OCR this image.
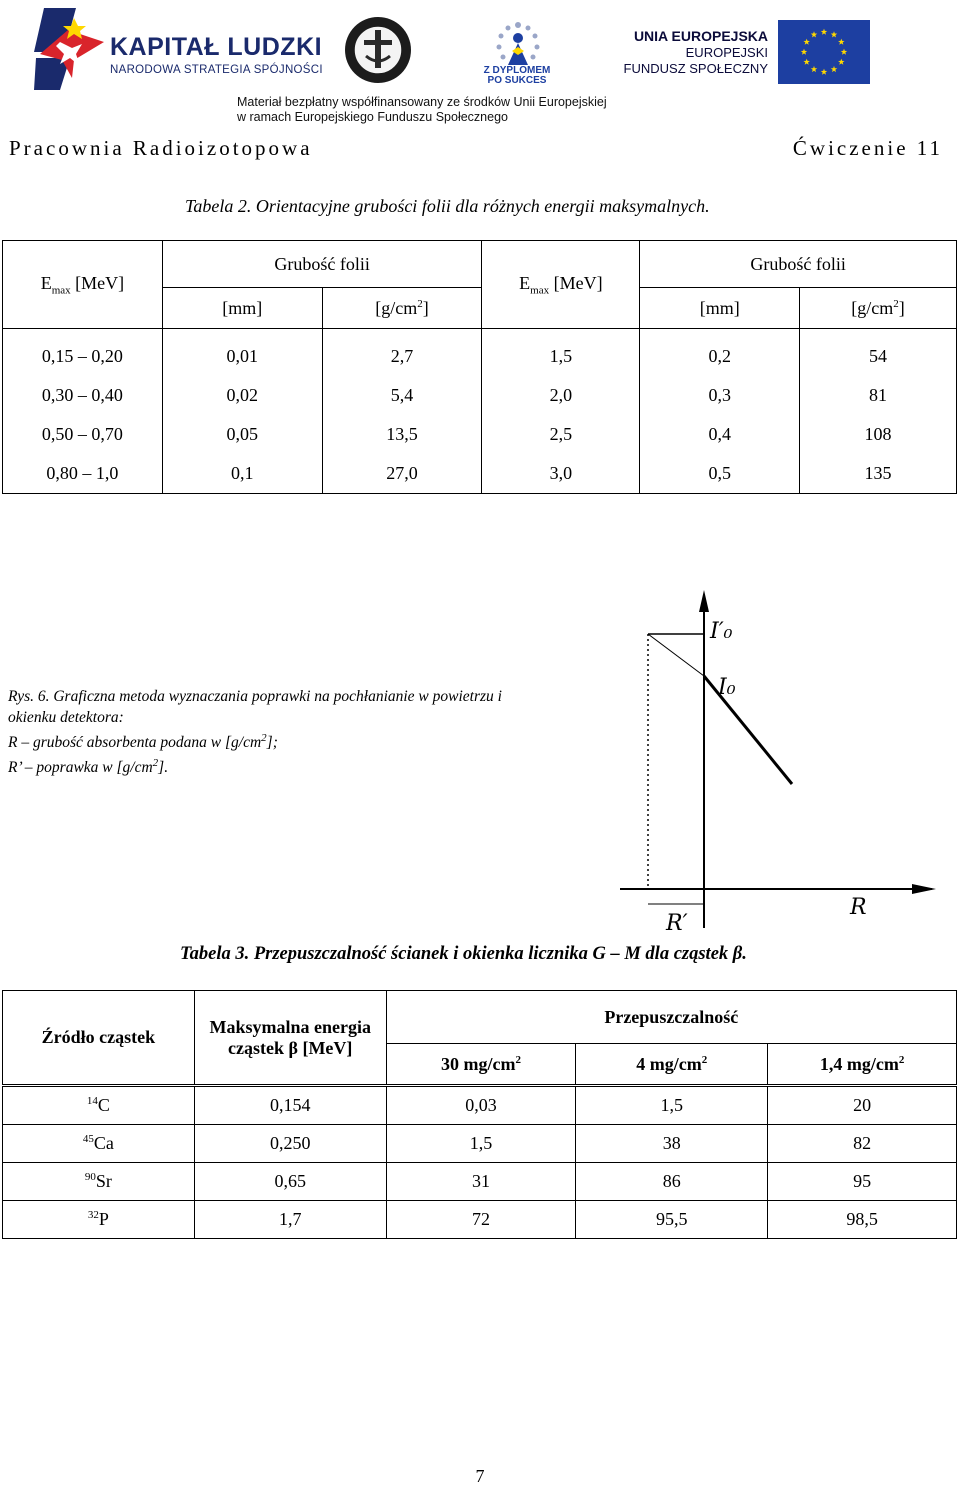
KAPITAŁ LUDZKI
NARODOWA STRATEGIA SPÓJNOŚCI	Z DYPLOMEM
PO SUKCES
UNIA EUROPEJSKA
EUROPEJSKI
FUNDUSZ SPOŁECZNY
Materiał bezpłatny współfinansowany ze środków Unii Europejskiej
w ramach Europejskiego Funduszu Społecznego
Pracownia Radioizotopowa	Ćwiczenie 11
Tabela 2. Orientacyjne grubości folii dla różnych energii maksymalnych.
$E_{max}$ [MeV]	Grubość folii		$E_{max}$ [MeV]	Grubość folii	
	[mm]	$[g/cm^2]$		[mm]	$[g/cm^2]$
0,15 – 0,20	0,01	2,7	1,5	0,2	54
0,30 – 0,40	0,02	5,4	2,0	0,3	81
0,50 – 0,70	0,05	13,5	2,5	0,4	108
0,80 – 1,0	0,1	27,0	3,0	0,5	135
Rys. 6. Graficzna metoda wyznaczania poprawki na pochłanianie w powietrzu i
okienku detektora:
R – grubość absorbenta podana w $[g/cm^2]$;
R’ – poprawka w $[g/cm^2]$.
I′₀
I₀
R′
R
Tabela 3. Przepuszczalność ścianek i okienka licznika G – M dla cząstek β.
Źródło cząstek	Maksymalna energia
cząstek β [MeV]	Przepuszczalność		
		30 $mg/cm^2$	4 $mg/cm^2$	1,4 $mg/cm^2$
$^{14}$C	0,154	0,03	1,5	20
$^{45}$Ca	0,250	1,5	38	82
$^{90}$Sr	0,65	31	86	95
$^{32}$P	1,7	72	95,5	98,5
7
